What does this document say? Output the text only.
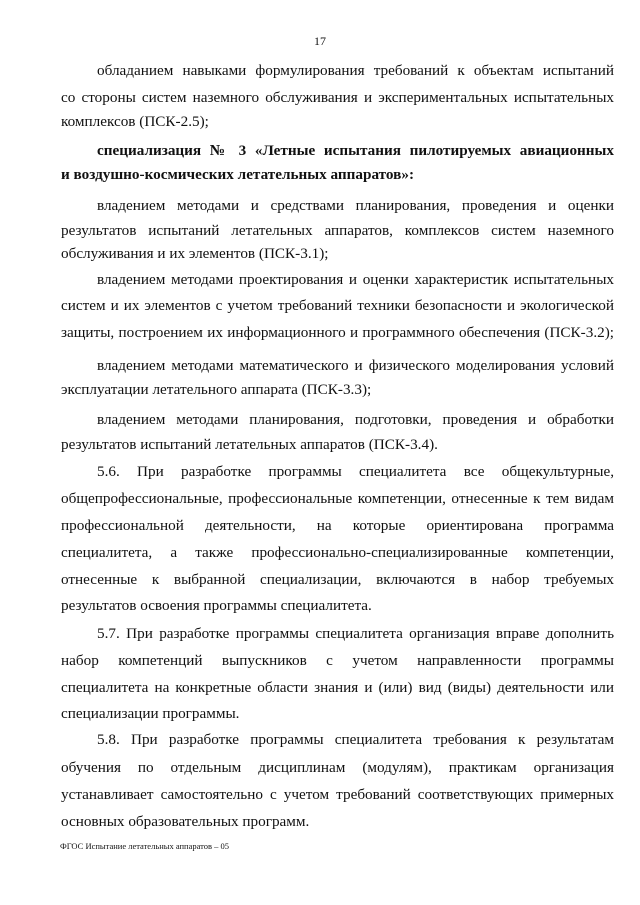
17
обладанием навыками формулирования требований к объектам испытаний
со стороны систем наземного обслуживания и экспериментальных испытательных
комплексов (ПСК-2.5);
специализация № 3 «Летные испытания пилотируемых авиационных
и воздушно-космических летательных аппаратов»:
владением методами и средствами планирования, проведения и оценки
результатов испытаний летательных аппаратов, комплексов систем наземного
обслуживания и их элементов (ПСК-3.1);
владением методами проектирования и оценки характеристик испытательных
систем и их элементов с учетом требований техники безопасности и экологической
защиты, построением их информационного и программного обеспечения (ПСК-3.2);
владением методами математического и физического моделирования условий
эксплуатации летательного аппарата (ПСК-3.3);
владением методами планирования, подготовки, проведения и обработки
результатов испытаний летательных аппаратов (ПСК-3.4).
5.6. При разработке программы специалитета все общекультурные,
общепрофессиональные, профессиональные компетенции, отнесенные к тем видам
профессиональной деятельности, на которые ориентирована программа
специалитета, а также профессионально-специализированные компетенции,
отнесенные к выбранной специализации, включаются в набор требуемых
результатов освоения программы специалитета.
5.7. При разработке программы специалитета организация вправе дополнить
набор компетенций выпускников с учетом направленности программы
специалитета на конкретные области знания и (или) вид (виды) деятельности или
специализации программы.
5.8. При разработке программы специалитета требования к результатам
обучения по отдельным дисциплинам (модулям), практикам организация
устанавливает самостоятельно с учетом требований соответствующих примерных
основных образовательных программ.
ФГОС Испытание летательных аппаратов – 05
